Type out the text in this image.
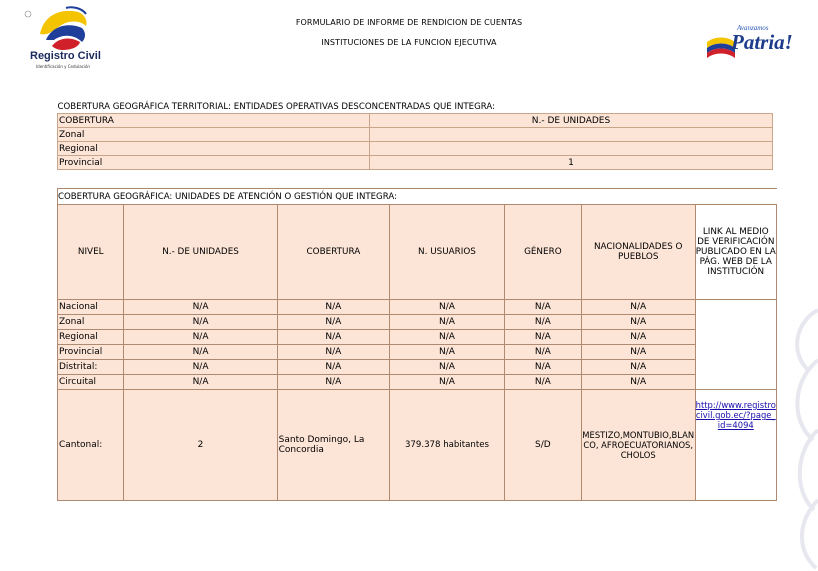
FORMULARIO DE INFORME DE RENDICION DE CUENTAS
INSTITUCIONES DE LA FUNCION EJECUTIVA
Registro Civil
Identificación y Cedulación
Avanzamos
Patria!
COBERTURA GEOGRÁFICA TERRITORIAL: ENTIDADES OPERATIVAS DESCONCENTRADAS QUE INTEGRA:	
COBERTURA	N.- DE UNIDADES
Zonal	
Regional	
Provincial	1
COBERTURA GEOGRÁFICA: UNIDADES DE ATENCIÓN O GESTIÓN QUE INTEGRA:						
NIVEL	N.- DE UNIDADES	COBERTURA	N. USUARIOS	GÉNERO	NACIONALIDADES O PUEBLOS	LINK AL MEDIO DE VERIFICACIÓN PUBLICADO EN LA PÁG. WEB DE LA INSTITUCIÓN
Nacional	N/A	N/A	N/A	N/A	N/A	
Zonal	N/A	N/A	N/A	N/A	N/A	
Regional	N/A	N/A	N/A	N/A	N/A	
Provincial	N/A	N/A	N/A	N/A	N/A	
Distrital:	N/A	N/A	N/A	N/A	N/A	
Circuital	N/A	N/A	N/A	N/A	N/A	
Cantonal:	2	Santo Domingo, La Concordia	379.378 habitantes	S/D	MESTIZO,MONTUBIO,BLANCO, AFROECUATORIANOS, CHOLOS	http://www.registrocivil.gob.ec/?page_id=4094
